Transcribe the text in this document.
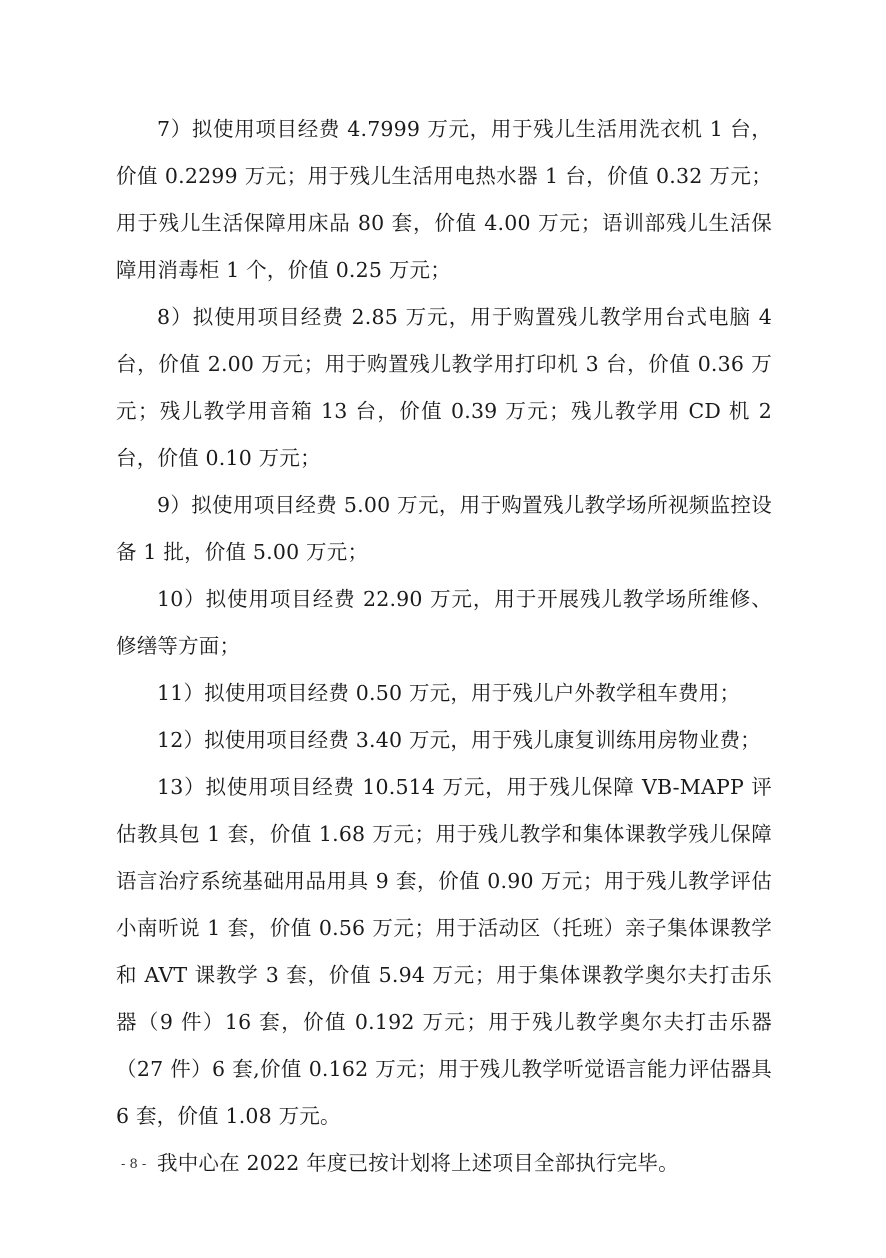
7）拟使用项目经费 4.7999 万元，用于残儿生活用洗衣机 1 台，价值 0.2299 万元；用于残儿生活用电热水器 1 台，价值 0.32 万元；用于残儿生活保障用床品 80 套，价值 4.00 万元；语训部残儿生活保障用消毒柜 1 个，价值 0.25 万元；

8）拟使用项目经费 2.85 万元，用于购置残儿教学用台式电脑 4 台，价值 2.00 万元；用于购置残儿教学用打印机 3 台，价值 0.36 万元；残儿教学用音箱 13 台，价值 0.39 万元；残儿教学用 CD 机 2 台，价值 0.10 万元；

9）拟使用项目经费 5.00 万元，用于购置残儿教学场所视频监控设备 1 批，价值 5.00 万元；

10）拟使用项目经费 22.90 万元，用于开展残儿教学场所维修、修缮等方面；

11）拟使用项目经费 0.50 万元，用于残儿户外教学租车费用；

12）拟使用项目经费 3.40 万元，用于残儿康复训练用房物业费；

13）拟使用项目经费 10.514 万元，用于残儿保障 VB-MAPP 评估教具包 1 套，价值 1.68 万元；用于残儿教学和集体课教学残儿保障语言治疗系统基础用品用具 9 套，价值 0.90 万元；用于残儿教学评估小南听说 1 套，价值 0.56 万元；用于活动区（托班）亲子集体课教学和 AVT 课教学 3 套，价值 5.94 万元；用于集体课教学奥尔夫打击乐器（9 件）16 套，价值 0.192 万元；用于残儿教学奥尔夫打击乐器（27 件）6 套,价值 0.162 万元；用于残儿教学听觉语言能力评估器具 6 套，价值 1.08 万元。

我中心在 2022 年度已按计划将上述项目全部执行完毕。

- 8 -
